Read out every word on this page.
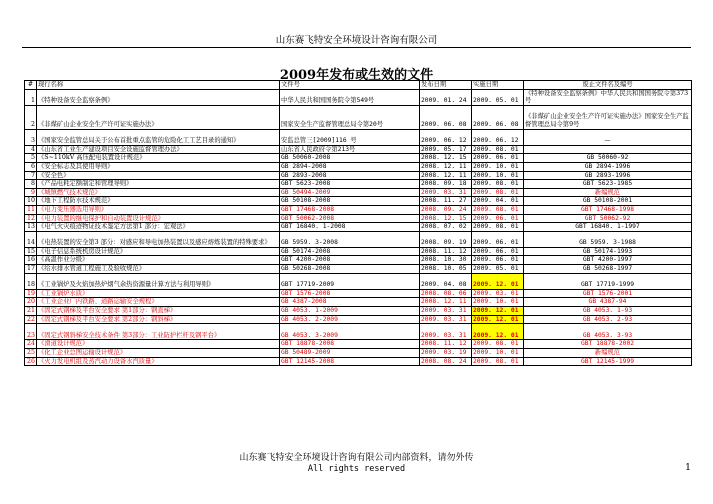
山东赛飞特安全环境设计咨询有限公司
2009年发布或生效的文件
#	现行名称	文件号	发布日期	实施日期	废止文件名及编号
1	《特种设备安全监察条例》	中华人民共和国国务院令第549号	2009. 01. 24	2009. 05. 01	《特种设备安全监察条例》中华人民共和国国务院令第373 号
2	《非煤矿山企业安全生产许可证实施办法》	国家安全生产监督管理总局令第20号	2009. 06. 08	2009. 06. 08	《非煤矿山企业安全生产许可证实施办法》国家安全生产监督管理总局令第9号
3	《国家安全监管总局关于公布首批重点监管的危险化工工艺目录的通知》	安监总管三[2009]116 号	2009. 06. 12	2009. 06. 12	—
4	《山东省工业生产建设项目安全设施监督管理办法》	山东省人民政府令第213号	2009. 05. 17	2009. 08. 01	
5	《S~110kV 高压配电装置设计规范》	GB 50060-2008	2008. 12. 15	2009. 06. 01	GB 50060-92
6	《安全标志及其使用导则》	GB 2894-2008	2008. 12. 11	2009. 10. 01	GB 2894-1996
7	《安全色》	GB 2893-2008	2008. 12. 11	2009. 10. 01	GB 2893-1996
8	《产品电耗定额制定和管理导则》	GBT 5623-2008	2008. 09. 18	2009. 08. 01	GBT 5623-1985
9	《城镇燃气技术规范》	GB 50494-2009	2009. 03. 31	2009. 08. 01	新编规范
10	《地下工程防水技术规范》	GB 50108-2008	2008. 11. 27	2009. 04. 01	GB 50108-2001
11	《电力变压器选用导则》	GBT 17468-2008	2008. 09. 24	2009. 08. 01	GBT 17468-1998
12	《电力装置的继电保护和自动装置设计规范》	GBT 50062-2008	2008. 12. 15	2009. 06. 01	GBT 50062-92
13	《电气火灾痕迹物证技术鉴定方法第1 部分：宏观法》	GBT 16840. 1-2008	2008. 07. 02	2009. 08. 01	GBT 16840. 1-1997
14	《电热装置的安全第3 部分：对感应和导电加热装置以及感应熔炼装置的特殊要求》	GB 5959. 3-2008	2008. 09. 19	2009. 06. 01	GB 5959. 3-1988
15	《电子信息系统机房设计规范》	GB 50174-2008	2008. 11. 12	2009. 06. 01	GB 50174-1993
16	《高温作业分级》	GBT 4200-2008	2008. 10. 30	2009. 06. 01	GBT 4200-1997
17	《给水排水管道工程施工及验收规范》	GB 50268-2008	2008. 10. 05	2009. 05. 01	GB 50268-1997
18	《工业锅炉及火焰加热炉烟气余热资源量计算方法与利用导则》	GBT 17719-2009	2009. 04. 08	2009. 12. 01	GBT 17719-1999
19	《工业锅炉水质》	GBT 1576-2008	2008. 08. 06	2009. 03. 01	GBT 1576-2001
20	《工业企业厂内铁路、道路运输安全规程》	GB 4387-2008	2008. 12. 11	2009. 10. 01	GB 4387-94
21	《固定式钢梯及平台安全要求 第1部分：钢直梯》	GB 4053. 1-2009	2009. 03. 31	2009. 12. 01	GB 4053. 1-93
22	《固定式钢梯及平台安全要求 第2部分：钢斜梯》	GB 4053. 2-2009	2009. 03. 31	2009. 12. 01	GB 4053. 2-93
23	《固定式钢斜梯安全技术条件 第3部分：工业防护栏杆及钢平台》	GB 4053. 3-2009	2009. 03. 31	2009. 12. 01	GB 4053. 3-93
24	《滑道设计规范》	GBT 18878-2008	2008. 11. 12	2009. 08. 01	GBT 18878-2002
25	《化工企业总图运输设计规范》	GB 50489-2009	2009. 03. 19	2009. 10. 01	新编规范
26	《火力发电机组及蒸汽动力设备水汽质量》	GBT 12145-2008	2008. 08. 24	2009. 08. 01	GBT 12145-1999
山东赛飞特安全环境设计咨询有限公司内部资料，请勿外传
All rights reserved	1
